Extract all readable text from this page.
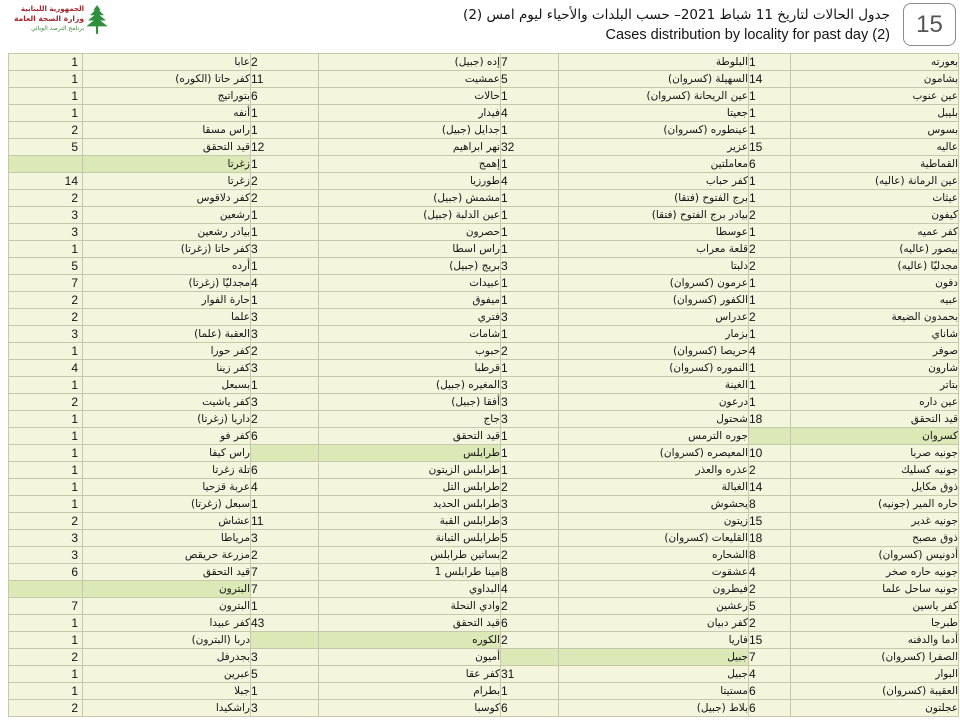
الجمهورية اللبنانية
وزارة الصحة العامة
برنامج الترصد الوبائي
جدول الحالات لتاريخ 11 شباط 2021– حسب البلدات والأحياء ليوم امس (2)
Cases distribution by locality for past day (2)	15
1	عابا	2	إده (جبيل)	7	البلوطة	1	بعورته
1	كفر حاتا (الكوره)	11	عمشيت	5	السهيلة (كسروان)	14	بشامون
1	بتوراتيج	6	حالات	1	عين الريحانة (كسروان)	1	عين عنوب
1	أنفه	1	فيدار	4	جعيتا	1	بليبل
2	راس مسقا	1	جدايل (جبيل)	1	عينطوره (كسروان)	1	بسوس
5	قيد التحقق	12	نهر ابراهيم	32	عزير	15	عاليه
	زغرتا	1	إهمج	1	معاملتين	6	القماطية
14	زغرتا	2	طورزيا	4	كفر حباب	1	عين الرمانة (عاليه)
2	كفر دلاقوس	2	مشمش (جبيل)	1	برج الفتوح (فتقا)	1	عيثات
3	رشعين	1	عين الدلبة (جبيل)	1	بيادر برج الفتوح (فتقا)	2	كيفون
3	بيادر رشعين	1	حصرون	1	عوسطا	1	كفر عميه
1	كفر حاتا (زغرتا)	3	راس اسطا	1	قلعة معراب	2	بيصور (عاليه)
5	أرده	1	بريج (جبيل)	3	دلبتا	2	مجدليّا (عاليه)
7	مجدليّا (زغرتا)	4	عبيدات	1	عرمون (كسروان)	1	دفون
2	حارة الفوار	1	ميفوق	1	الكفور (كسروان)	1	عبيه
2	علما	3	فتري	3	عدراس	2	بحمدون الضيعة
3	العقبة (علما)	3	شامات	1	بزمار	1	شاناي
1	كفر حورا	2	حبوب	2	حريصا (كسروان)	4	صوفر
4	كفر زينا	3	قرطبا	1	النموره (كسروان)	1	شارون
1	بسبعل	1	المغيره (جبيل)	3	الغينة	1	بتاتر
2	كفر ياشيت	3	أفقا (جبيل)	3	درعون	1	عين داره
1	داريا (زغرتا)	2	جاج	3	شحتول	18	قيد التحقق
1	كفر فو	6	قيد التحقق	1	جوره الترمس		كسروان
1	راس كيفا		طرابلس	1	المعيصره (كسروان)	10	جونيه صربا
1	تلة زغرتا	6	طرابلس الزيتون	1	عذره والعذر	2	جونيه كسليك
1	عربة قزحيا	4	طرابلس التل	2	الغبالة	14	ذوق مكايل
1	سبعل (زغرتا)	1	طرابلس الحديد	3	يحشوش	8	حاره المير (جونيه)
2	عشاش	11	طرابلس القبة	3	زيتون	15	جونيه غدير
3	مرياطا	3	طرابلس التبانة	5	القليعات (كسروان)	18	ذوق مصبح
3	مزرعة حريقص	2	بساتين طرابلس	2	الشحاره	8	أدونيس (كسروان)
6	قيد التحقق	7	مينا طرابلس 1	8	عشقوت	4	جونيه حاره صخر
	البترون	7	البداوي	4	فيطرون	2	جونيه ساحل علما
7	البترون	1	وادي النحلة	2	رعشين	5	كفر ياسين
1	كفر عبيدا	43	قيد التحقق	6	كفر دبيان	2	طبرجا
1	دربا (البترون)		الكوره	2	فاريا	15	أدما والدفنه
2	بجدرفل	3	أميون		جبيل	7	الصفرا (كسروان)
1	عبرين	5	كفر عقا	31	جبيل	4	البوار
1	جبلا	1	بطرام	1	مستيتا	6	العقيبة (كسروان)
2	راشكيدا	3	كوسبا	6	بلاط (جبيل)	6	عجلتون
